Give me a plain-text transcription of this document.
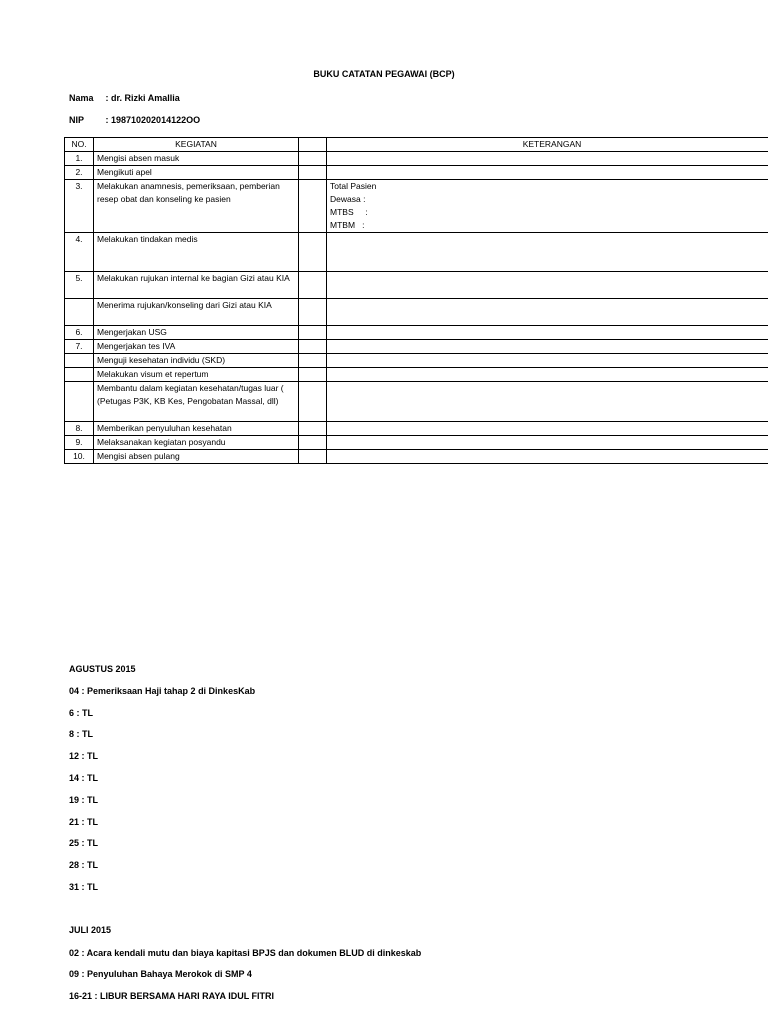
BUKU CATATAN PEGAWAI (BCP)
Nama : dr. Rizki Amallia
NIP : 198710202014122OO
NO.	KEGIATAN		KETERANGAN
1.	Mengisi absen masuk		
2.	Mengikuti apel		
3.	Melakukan anamnesis, pemeriksaan, pemberian resep obat dan konseling ke pasien		Total Pasien
Dewasa :
MTBS     :
MTBM   :

4.	Melakukan tindakan medis		
5.	Melakukan rujukan internal ke bagian Gizi atau KIA		
	Menerima rujukan/konseling dari Gizi atau KIA		
6.	Mengerjakan USG		
7.	Mengerjakan tes IVA		
	Menguji kesehatan individu (SKD)		
	Melakukan visum et repertum		
	Membantu dalam kegiatan kesehatan/tugas luar ( (Petugas P3K, KB Kes, Pengobatan Massal, dll)		
8.	Memberikan penyuluhan kesehatan		
9.	Melaksanakan kegiatan posyandu		
10.	Mengisi absen pulang		
AGUSTUS 2015
04 : Pemeriksaan Haji tahap 2 di DinkesKab
6 : TL
8 : TL
12 : TL
14 : TL
19 : TL
21 : TL
25 : TL
28 : TL
31 : TL
JULI 2015
02 : Acara kendali mutu dan biaya kapitasi BPJS dan dokumen BLUD di dinkeskab
09 : Penyuluhan Bahaya Merokok di SMP 4
16-21 : LIBUR BERSAMA HARI RAYA IDUL FITRI
